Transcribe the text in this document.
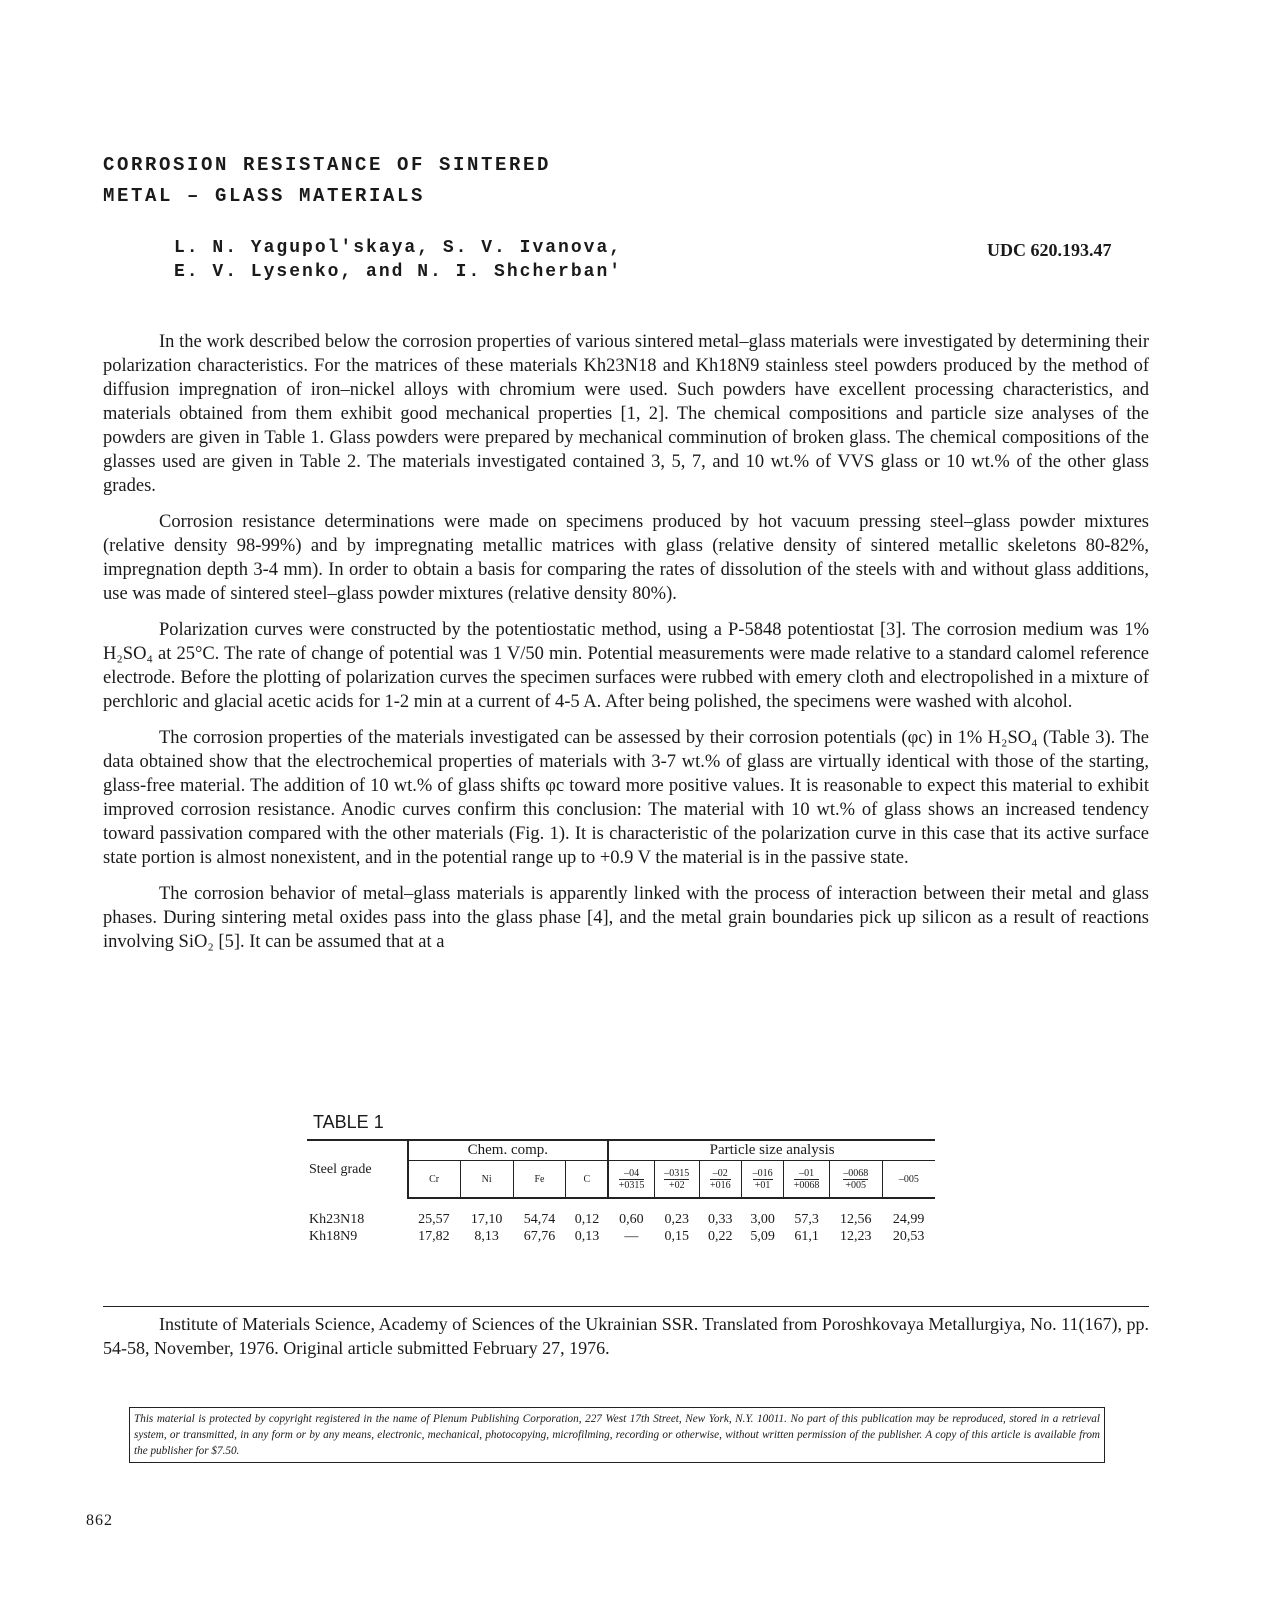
CORROSION RESISTANCE OF SINTERED
METAL – GLASS MATERIALS
L. N. Yagupol'skaya, S. V. Ivanova,
E. V. Lysenko, and N. I. Shcherban'
UDC 620.193.47

In the work described below the corrosion properties of various sintered metal–glass materials were investigated by determining their polarization characteristics. For the matrices of these materials Kh23N18 and Kh18N9 stainless steel powders produced by the method of diffusion impregnation of iron–nickel alloys with chromium were used. Such powders have excellent processing characteristics, and materials obtained from them exhibit good mechanical properties [1, 2]. The chemical compositions and particle size analyses of the powders are given in Table 1. Glass powders were prepared by mechanical comminution of broken glass. The chemical compositions of the glasses used are given in Table 2. The materials investigated contained 3, 5, 7, and 10 wt.% of VVS glass or 10 wt.% of the other glass grades.

Corrosion resistance determinations were made on specimens produced by hot vacuum pressing steel–glass powder mixtures (relative density 98-99%) and by impregnating metallic matrices with glass (relative density of sintered metallic skeletons 80-82%, impregnation depth 3-4 mm). In order to obtain a basis for comparing the rates of dissolution of the steels with and without glass additions, use was made of sintered steel–glass powder mixtures (relative density 80%).

Polarization curves were constructed by the potentiostatic method, using a P-5848 potentiostat [3]. The corrosion medium was 1% H₂SO₄ at 25°C. The rate of change of potential was 1 V/50 min. Potential measurements were made relative to a standard calomel reference electrode. Before the plotting of polarization curves the specimen surfaces were rubbed with emery cloth and electropolished in a mixture of perchloric and glacial acetic acids for 1-2 min at a current of 4-5 A. After being polished, the specimens were washed with alcohol.

The corrosion properties of the materials investigated can be assessed by their corrosion potentials (φc) in 1% H₂SO₄ (Table 3). The data obtained show that the electrochemical properties of materials with 3-7 wt.% of glass are virtually identical with those of the starting, glass-free material. The addition of 10 wt.% of glass shifts φc toward more positive values. It is reasonable to expect this material to exhibit improved corrosion resistance. Anodic curves confirm this conclusion: The material with 10 wt.% of glass shows an increased tendency toward passivation compared with the other materials (Fig. 1). It is characteristic of the polarization curve in this case that its active surface state portion is almost nonexistent, and in the potential range up to +0.9 V the material is in the passive state.

The corrosion behavior of metal–glass materials is apparently linked with the process of interaction between their metal and glass phases. During sintering metal oxides pass into the glass phase [4], and the metal grain boundaries pick up silicon as a result of reactions involving SiO₂ [5]. It can be assumed that at a

TABLE 1
Steel grade	Chem. comp.				Particle size analysis						
	Cr	Ni	Fe	C	$\frac{-04}{+0315}$	$\frac{-0315}{+02}$	$\frac{-02}{+016}$	$\frac{-016}{+01}$	$\frac{-01}{+0068}$	$\frac{-0068}{+005}$	–005

Kh23N18	25,57	17,10	54,74	0,12	0,60	0,23	0,33	3,00	57,3	12,56	24,99
Kh18N9	17,82	8,13	67,76	0,13	—	0,15	0,22	5,09	61,1	12,23	20,53
Institute of Materials Science, Academy of Sciences of the Ukrainian SSR. Translated from Poroshkovaya Metallurgiya, No. 11(167), pp. 54-58, November, 1976. Original article submitted February 27, 1976.
This material is protected by copyright registered in the name of Plenum Publishing Corporation, 227 West 17th Street, New York, N.Y. 10011. No part of this publication may be reproduced, stored in a retrieval system, or transmitted, in any form or by any means, electronic, mechanical, photocopying, microfilming, recording or otherwise, without written permission of the publisher. A copy of this article is available from the publisher for $7.50.
862
